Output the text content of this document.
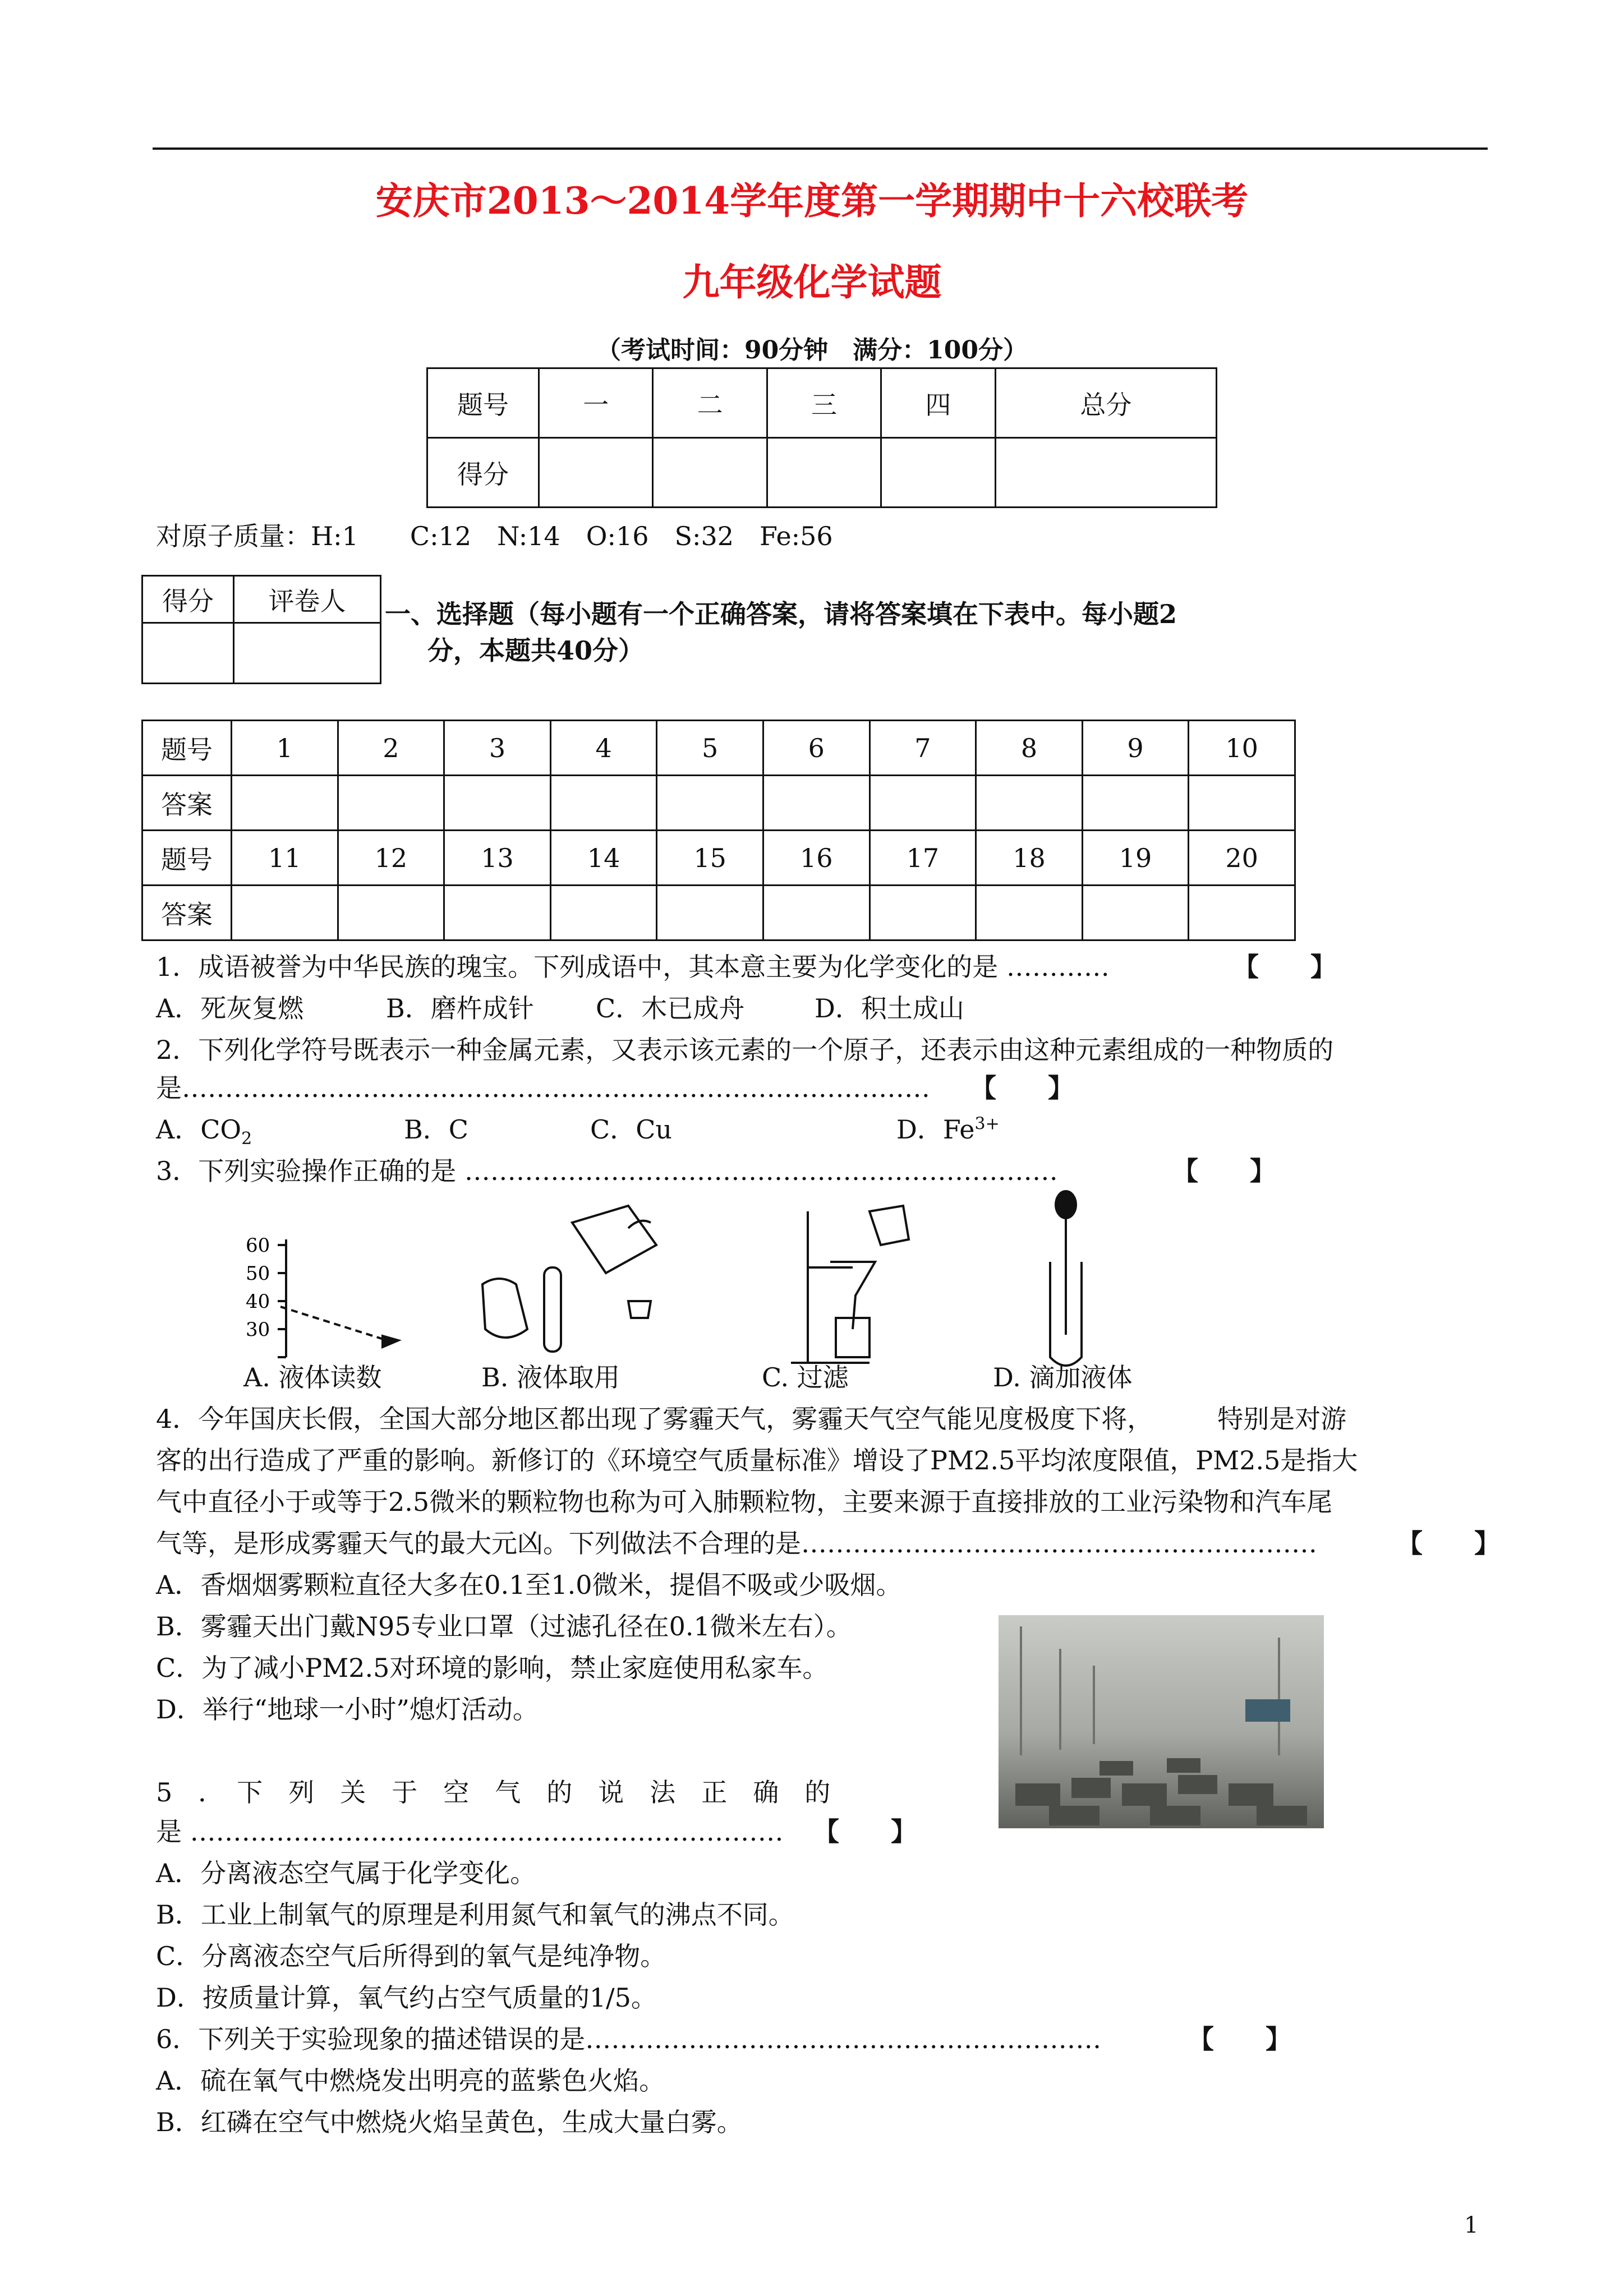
安庆市2013～2014学年度第一学期期中十六校联考
九年级化学试题
（考试时间：90分钟　满分：100分）
题号	一	二	三	四	总分
得分					
对原子质量：H:1　　C:12　N:14　O:16　S:32　Fe:56
得分	评卷人
	一、选择题（每小题有一个正确答案，请将答案填在下表中。每小题2
分，本题共40分）
题号	1	2	3	4	5	6	7	8	9	10
答案										
题号	11	12	13	14	15	16	17	18	19	20
答案										
1．成语被誉为中华民族的瑰宝。下列成语中，其本意主要为化学变化的是 …………	【　　】
A．死灰复燃	B．磨杵成针 C．木已成舟	D．积土成山
2．下列化学符号既表示一种金属元素，又表示该元素的一个原子，还表示由这种元素组成的一种物质的
是…………………………………………………………………………… 【　　】
A．$CO_2$	B．C	C．Cu	D．$Fe^{3+}$
3．下列实验操作正确的是 ……………………………………………………………	【　　】
60
50
40
30
A. 液体读数	B. 液体取用	C. 过滤	D. 滴加液体
4．今年国庆长假，全国大部分地区都出现了雾霾天气，雾霾天气空气能见度极度下将，　　　特别是对游
客的出行造成了严重的影响。新修订的《环境空气质量标准》增设了PM2.5平均浓度限值，PM2.5是指大
气中直径小于或等于2.5微米的颗粒物也称为可入肺颗粒物，主要来源于直接排放的工业污染物和汽车尾
气等，是形成雾霾天气的最大元凶。下列做法不合理的是……………………………………………………	【　　】
A．香烟烟雾颗粒直径大多在0.1至1.0微米，提倡不吸或少吸烟。
B．雾霾天出门戴N95专业口罩（过滤孔径在0.1微米左右）。
C．为了减小PM2.5对环境的影响，禁止家庭使用私家车。
D．举行“地球一小时”熄灯活动。
5　．　下　列　关　于　空　气　的　说　法　正　确　的
是 …………………………………………………………… 【　　】
A．分离液态空气属于化学变化。
B．工业上制氧气的原理是利用氮气和氧气的沸点不同。
C．分离液态空气后所得到的氧气是纯净物。
D．按质量计算，氧气约占空气质量的1/5。
6．下列关于实验现象的描述错误的是……………………………………………………	【　　】
A．硫在氧气中燃烧发出明亮的蓝紫色火焰。
B．红磷在空气中燃烧火焰呈黄色，生成大量白雾。
1
